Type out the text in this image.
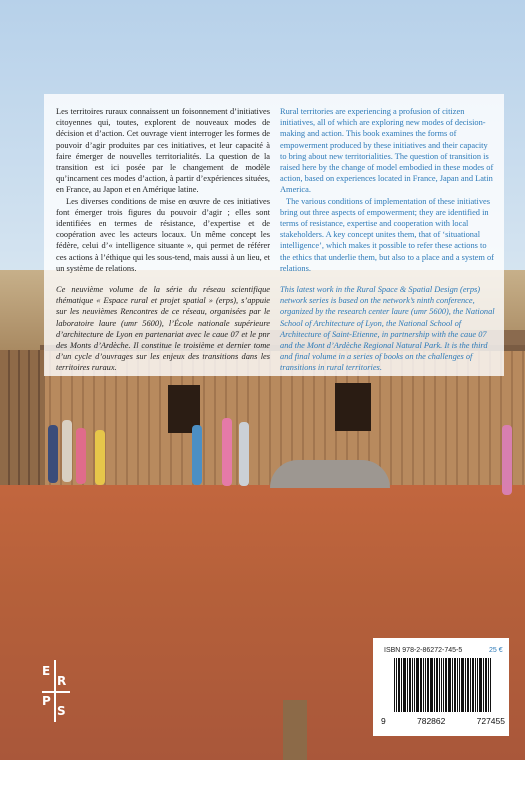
Les territoires ruraux connaissent un foisonnement d’initiatives citoyennes qui, toutes, explorent de nouveaux modes de décision et d’action. Cet ouvrage vient interroger les formes de pouvoir d’agir produites par ces initiatives, et leur capacité à faire émerger de nouvelles territorialités. La question de la transition est ici posée par le changement de modèle qu’incarnent ces modes d’action, à partir d’expériences situées, en France, au Japon et en Amérique latine.

Les diverses conditions de mise en œuvre de ces initiatives font émerger trois figures du pouvoir d’agir ; elles sont identifiées en termes de résistance, d’expertise et de coopération avec les acteurs locaux. Un même concept les fédère, celui d’« intelligence situante », qui permet de référer ces actions à l’éthique qui les sous-tend, mais aussi à un lieu, et un système de relations.

Ce neuvième volume de la série du réseau scientifique thématique « Espace rural et projet spatial » (erps), s’appuie sur les neuvièmes Rencontres de ce réseau, organisées par le laboratoire laure (umr 5600), l’École nationale supérieure d’architecture de Lyon en partenariat avec le caue 07 et le pnr des Monts d’Ardèche. Il constitue le troisième et dernier tome d’un cycle d’ouvrages sur les enjeux des transitions dans les territoires ruraux.

Rural territories are experiencing a profusion of citizen initiatives, all of which are exploring new modes of decision-making and action. This book examines the forms of empowerment produced by these initiatives and their capacity to bring about new territorialities. The question of transition is raised here by the change of model embodied in these modes of action, based on experiences located in France, Japan and Latin America.

The various conditions of implementation of these initiatives bring out three aspects of empowerment; they are identified in terms of resistance, expertise and cooperation with local stakeholders. A key concept unites them, that of ‘situational intelligence’, which makes it possible to refer these actions to the ethics that underlie them, but also to a place and a system of relations.

This latest work in the Rural Space & Spatial Design (erps) network series is based on the network’s ninth conference, organized by the research center laure (umr 5600), the National School of Architecture of Lyon, the National School of Architecture of Saint-Etienne, in partnership with the caue 07 and the Mont d’Ardèche Regional Natural Park. It is the third and final volume in a series of books on the challenges of transitions in rural territories.

E
R
P
S
ISBN 978-2-86272-745-5	25 €
9	782862	727455
